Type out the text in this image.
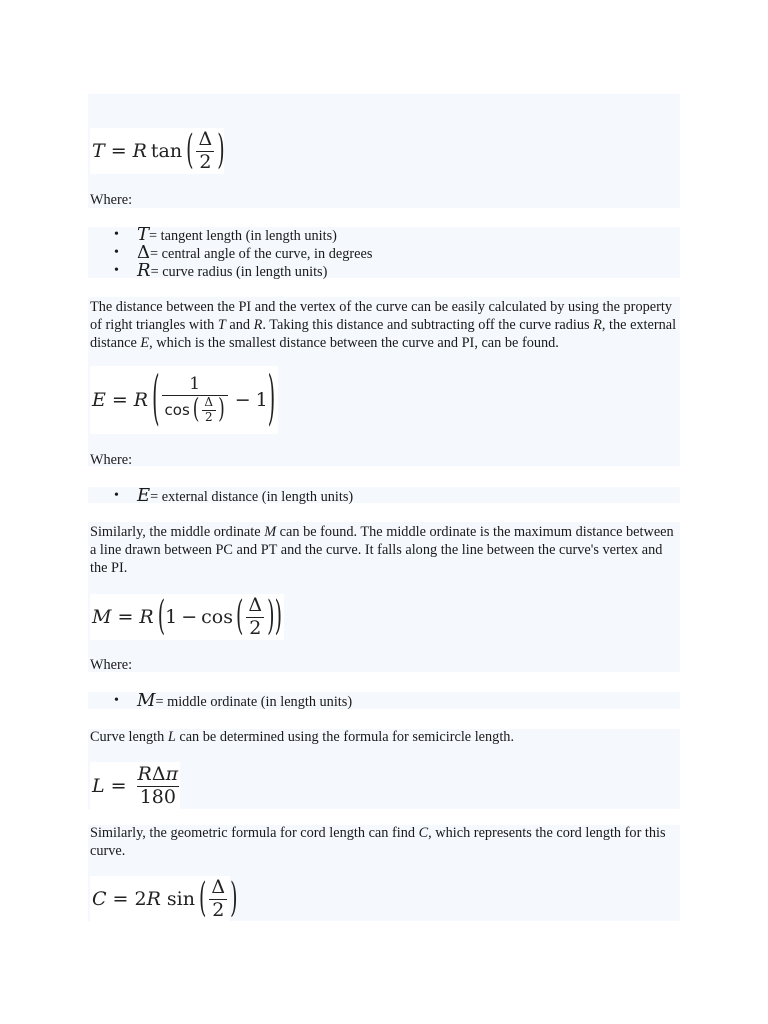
T = R tan ( $\frac{\Delta}{2}$ )

Where:

• T= tangent length (in length units)
• Δ= central angle of the curve, in degrees
• R= curve radius (in length units)

The distance between the PI and the vertex of the curve can be easily calculated by using the property of right triangles with T and R. Taking this distance and subtracting off the curve radius R, the external distance E, which is the smallest distance between the curve and PI, can be found.

E = R ( 1
cos ( $\frac{\Delta}{2}$ ) − 1 )

Where:

• E= external distance (in length units)

Similarly, the middle ordinate M can be found. The middle ordinate is the maximum distance between a line drawn between PC and PT and the curve. It falls along the line between the curve's vertex and the PI.

M = R ( 1 − cos ( $\frac{\Delta}{2}$ ) )

Where:

• M= middle ordinate (in length units)

Curve length L can be determined using the formula for semicircle length.

$L = \frac{\text{RΔπ}}{180}$

Similarly, the geometric formula for cord length can find C, which represents the cord length for this curve.

C = 2 R sin ( $\frac{\Delta}{2}$ )
